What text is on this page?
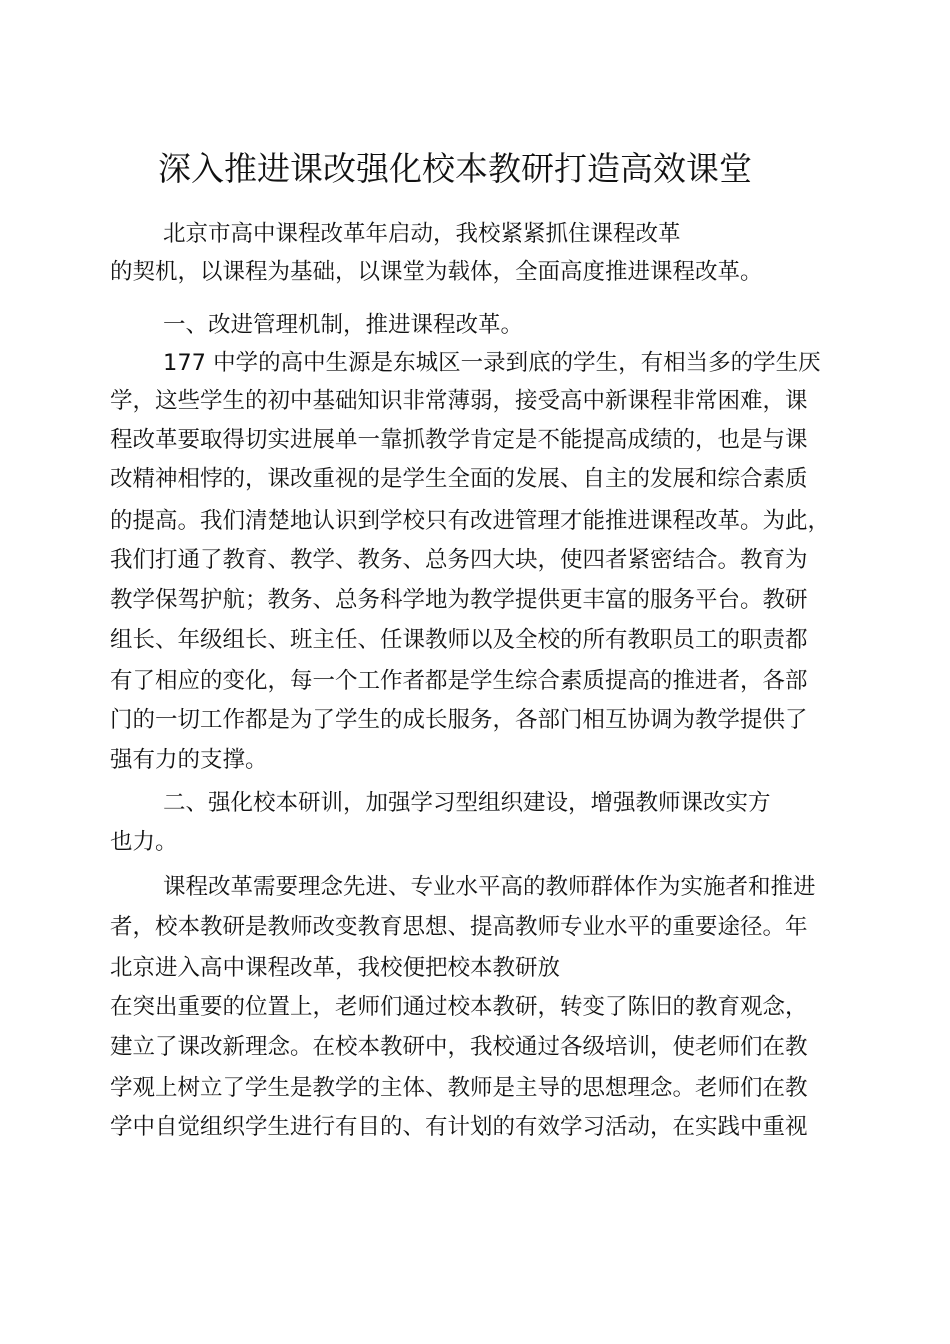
深入推进课改强化校本教研打造高效课堂
北京市高中课程改革年启动，我校紧紧抓住课程改革
的契机，以课程为基础，以课堂为载体，全面高度推进课程改革。
一、改进管理机制，推进课程改革。
177 中学的高中生源是东城区一录到底的学生，有相当多的学生厌
学，这些学生的初中基础知识非常薄弱，接受高中新课程非常困难，课
程改革要取得切实进展单一靠抓教学肯定是不能提高成绩的，也是与课
改精神相悖的，课改重视的是学生全面的发展、自主的发展和综合素质
的提高。我们清楚地认识到学校只有改进管理才能推进课程改革。为此，
我们打通了教育、教学、教务、总务四大块，使四者紧密结合。教育为
教学保驾护航；教务、总务科学地为教学提供更丰富的服务平台。教研
组长、年级组长、班主任、任课教师以及全校的所有教职员工的职责都
有了相应的变化，每一个工作者都是学生综合素质提高的推进者，各部
门的一切工作都是为了学生的成长服务，各部门相互协调为教学提供了
强有力的支撑。
二、强化校本研训，加强学习型组织建设，增强教师课改实方
也力。
课程改革需要理念先进、专业水平高的教师群体作为实施者和推进
者，校本教研是教师改变教育思想、提高教师专业水平的重要途径。年
北京进入高中课程改革，我校便把校本教研放
在突出重要的位置上，老师们通过校本教研，转变了陈旧的教育观念，
建立了课改新理念。在校本教研中，我校通过各级培训，使老师们在教
学观上树立了学生是教学的主体、教师是主导的思想理念。老师们在教
学中自觉组织学生进行有目的、有计划的有效学习活动，在实践中重视
